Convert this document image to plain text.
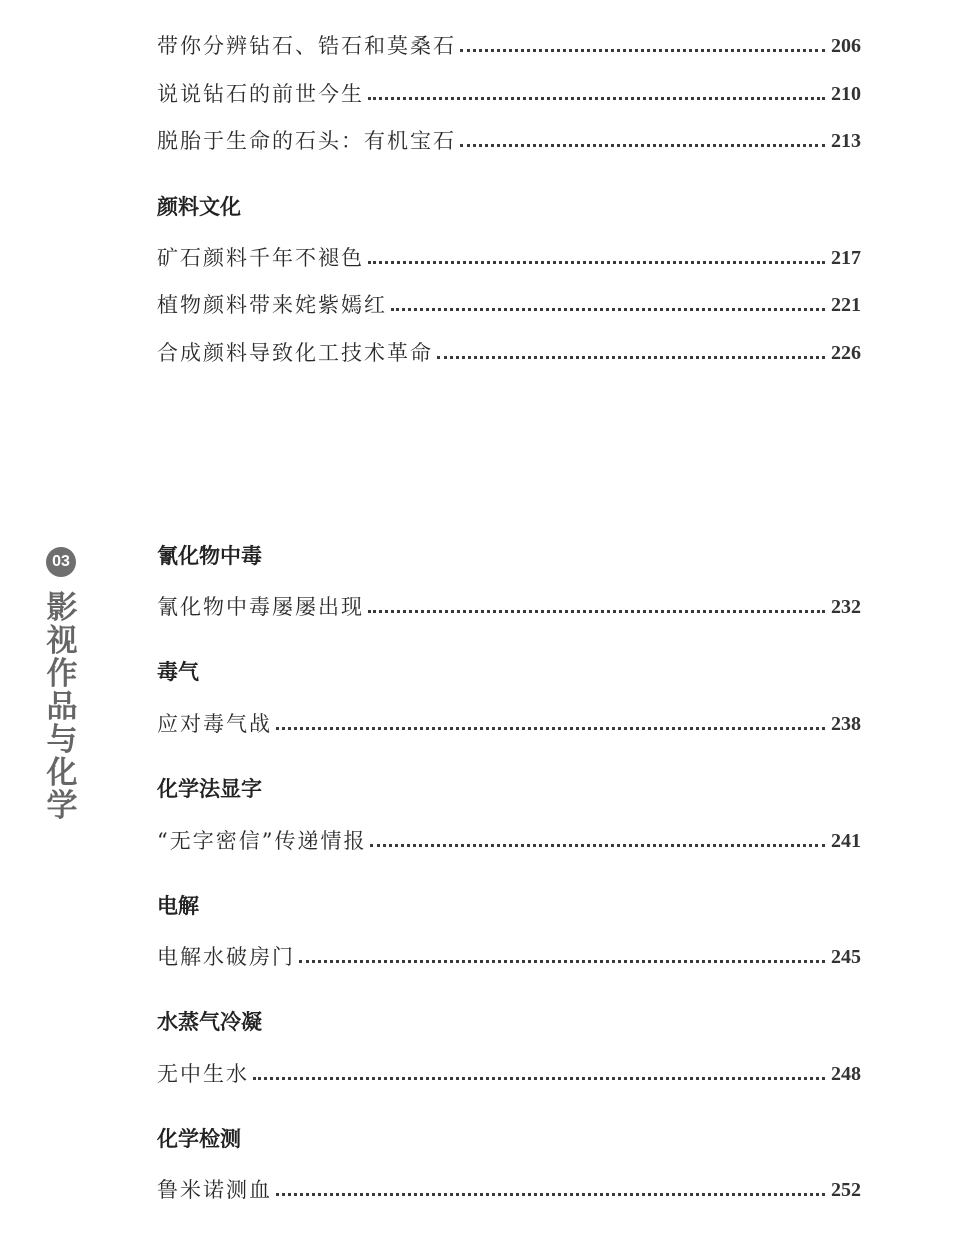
03
影视作品与化学
带你分辨钻石、锆石和莫桑石	206
说说钻石的前世今生	210
脱胎于生命的石头：有机宝石	213
颜料文化
矿石颜料千年不褪色	217
植物颜料带来姹紫嫣红	221
合成颜料导致化工技术革命	226
氰化物中毒
氰化物中毒屡屡出现	232
毒气
应对毒气战	238
化学法显字
“无字密信”传递情报	241
电解
电解水破房门	245
水蒸气冷凝
无中生水	248
化学检测
鲁米诺测血	252
